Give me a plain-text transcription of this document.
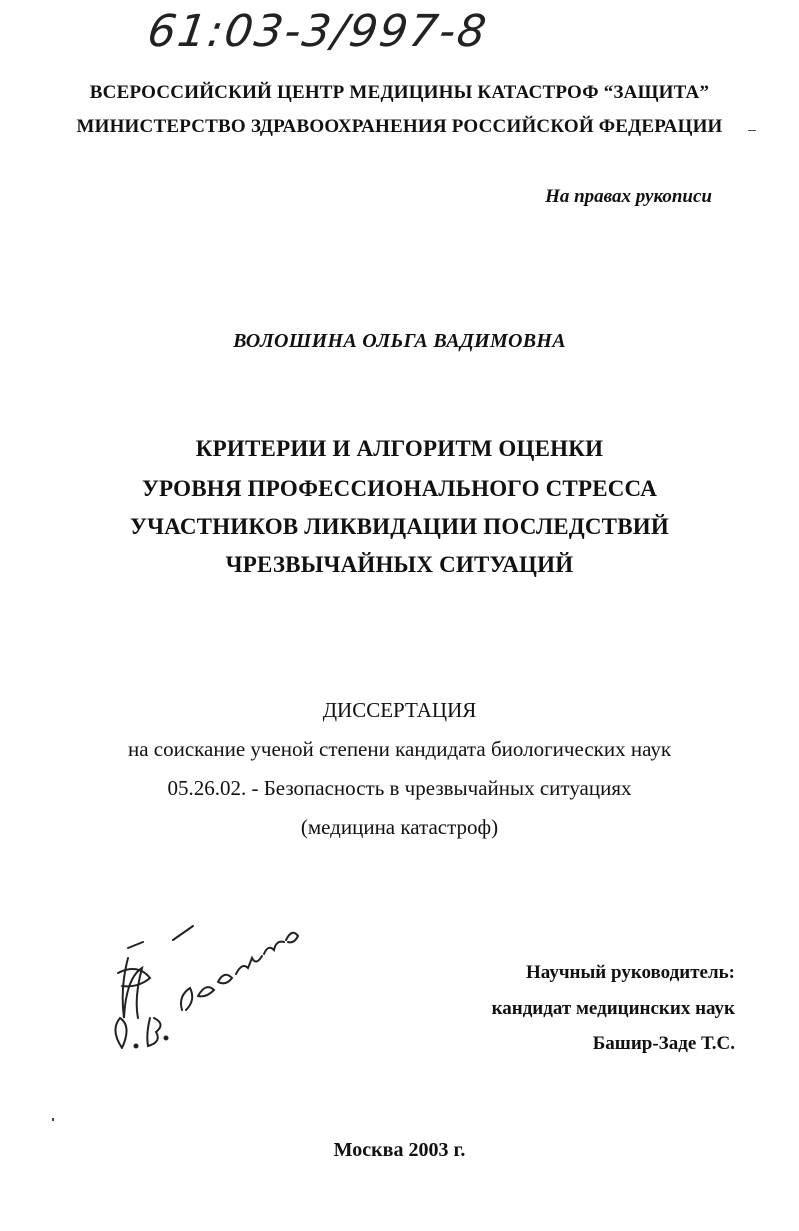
61:03-3/997-8
ВСЕРОССИЙСКИЙ ЦЕНТР МЕДИЦИНЫ КАТАСТРОФ “ЗАЩИТА”
МИНИСТЕРСТВО ЗДРАВООХРАНЕНИЯ РОССИЙСКОЙ ФЕДЕРАЦИИ
На правах рукописи
ВОЛОШИНА ОЛЬГА ВАДИМОВНА
КРИТЕРИИ И АЛГОРИТМ ОЦЕНКИ
УРОВНЯ ПРОФЕССИОНАЛЬНОГО СТРЕССА
УЧАСТНИКОВ ЛИКВИДАЦИИ ПОСЛЕДСТВИЙ
ЧРЕЗВЫЧАЙНЫХ СИТУАЦИЙ
ДИССЕРТАЦИЯ
на соискание ученой степени кандидата биологических наук
05.26.02. - Безопасность в чрезвычайных ситуациях
(медицина катастроф)
Научный руководитель:
кандидат медицинских наук
Башир-Заде Т.С.
Москва 2003 г.
